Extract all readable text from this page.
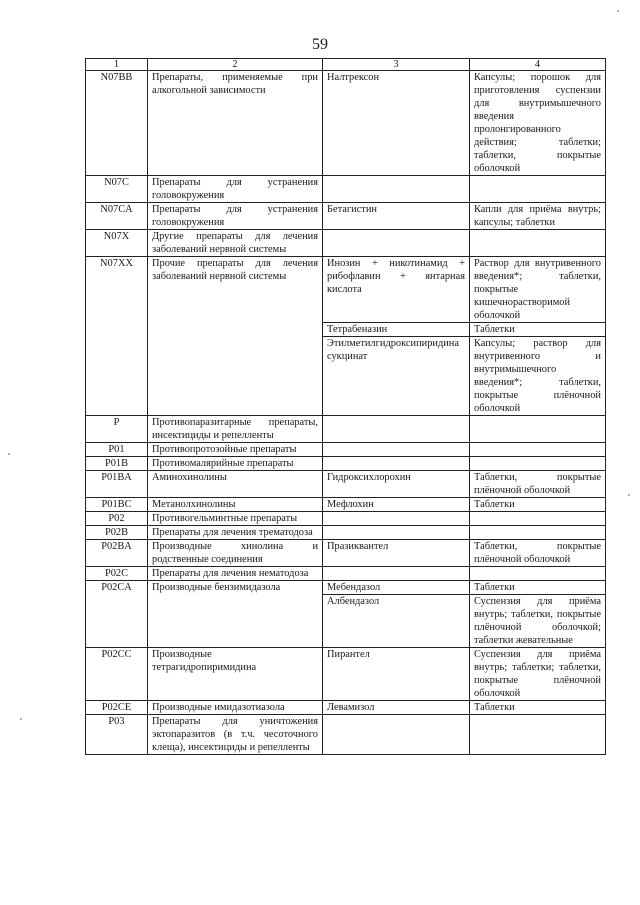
59
1	2	3	4
N07BB	Препараты, применяемые при алкогольной зависимости	Налтрексон	Капсулы; порошок для приготовления суспензии для внутримышечного введения пролонгированного действия; таблетки; таблетки, покрытые оболочкой
N07C	Препараты для устранения головокружения		
N07CA	Препараты для устранения головокружения	Бетагистин	Капли для приёма внутрь; капсулы; таблетки
N07X	Другие препараты для лечения заболеваний нервной системы		
N07XX	Прочие препараты для лечения заболеваний нервной системы	Инозин + никотинамид + рибофлавин + янтарная кислота	Раствор для внутривенного введения*; таблетки, покрытые кишечнорастворимой оболочкой
		Тетрабеназин	Таблетки
		Этилметилгидроксипиридина сукцинат	Капсулы; раствор для внутривенного и внутримышечного введения*; таблетки, покрытые плёночной оболочкой
P	Противопаразитарные препараты, инсектициды и репелленты		
P01	Противопротозойные препараты		
P01B	Противомалярийные препараты		
P01BA	Аминохинолины	Гидроксихлорохин	Таблетки, покрытые плёночной оболочкой
P01BC	Метанолхинолины	Мефлохин	Таблетки
P02	Противогельминтные препараты		
P02B	Препараты для лечения трематодоза		
P02BA	Производные хинолина и родственные соединения	Празиквантел	Таблетки, покрытые плёночной оболочкой
P02C	Препараты для лечения нематодоза		
P02CA	Производные бензимидазола	Мебендазол	Таблетки
		Албендазол	Суспензия для приёма внутрь; таблетки, покрытые плёночной оболочкой; таблетки жевательные
P02CC	Производные тетрагидропиримидина	Пирантел	Суспензия для приёма внутрь; таблетки; таблетки, покрытые плёночной оболочкой
P02CE	Производные имидазотиазола	Левамизол	Таблетки
P03	Препараты для уничтожения эктопаразитов (в т.ч. чесоточного клеща), инсектициды и репелленты		
